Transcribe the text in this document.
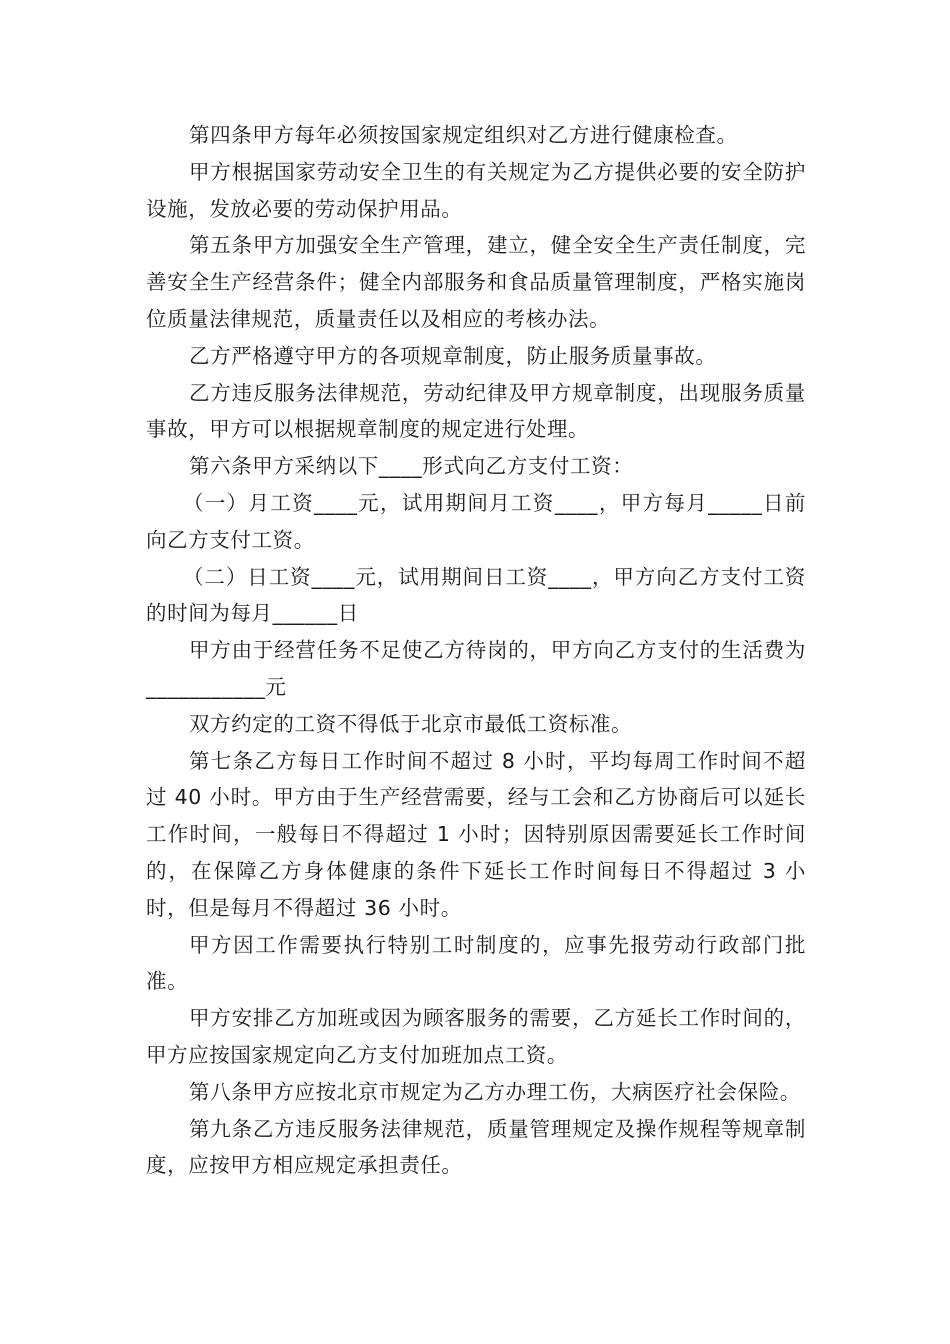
第四条甲方每年必须按国家规定组织对乙方进行健康检查。

甲方根据国家劳动安全卫生的有关规定为乙方提供必要的安全防护设施，发放必要的劳动保护用品。

第五条甲方加强安全生产管理，建立，健全安全生产责任制度，完善安全生产经营条件；健全内部服务和食品质量管理制度，严格实施岗位质量法律规范，质量责任以及相应的考核办法。

乙方严格遵守甲方的各项规章制度，防止服务质量事故。

乙方违反服务法律规范，劳动纪律及甲方规章制度，出现服务质量事故，甲方可以根据规章制度的规定进行处理。

第六条甲方采纳以下____形式向乙方支付工资：

（一）月工资____元，试用期间月工资____，甲方每月_____日前向乙方支付工资。

（二）日工资____元，试用期间日工资____，甲方向乙方支付工资的时间为每月______日

甲方由于经营任务不足使乙方待岗的，甲方向乙方支付的生活费为___________元

双方约定的工资不得低于北京市最低工资标准。

第七条乙方每日工作时间不超过 8 小时，平均每周工作时间不超过 40 小时。甲方由于生产经营需要，经与工会和乙方协商后可以延长工作时间，一般每日不得超过 1 小时；因特别原因需要延长工作时间的，在保障乙方身体健康的条件下延长工作时间每日不得超过 3 小时，但是每月不得超过 36 小时。

甲方因工作需要执行特别工时制度的，应事先报劳动行政部门批准。

甲方安排乙方加班或因为顾客服务的需要，乙方延长工作时间的，甲方应按国家规定向乙方支付加班加点工资。

第八条甲方应按北京市规定为乙方办理工伤，大病医疗社会保险。

第九条乙方违反服务法律规范，质量管理规定及操作规程等规章制度，应按甲方相应规定承担责任。
